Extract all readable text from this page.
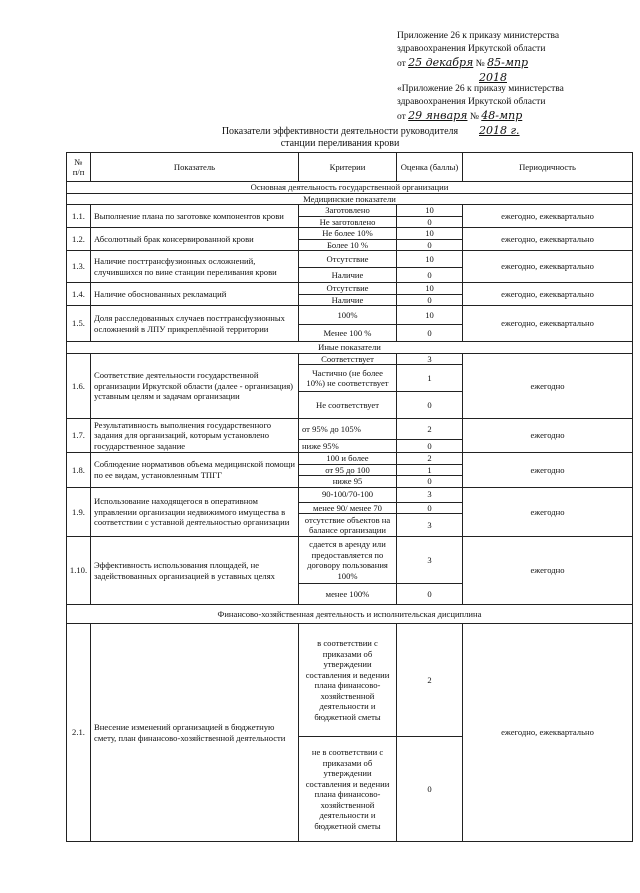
Приложение 26 к приказу министерства
здравоохранения Иркутской области
от 25 декабря № 85-мпр
2018
«Приложение 26 к приказу министерства
здравоохранения Иркутской области
от 29 января № 48-мпр
2018 г.
Показатели эффективности деятельности руководителя
станции переливания крови
№ п/п	Показатель	Критерии	Оценка (баллы)	Периодичность
Основная деятельность государственной организации				
Медицинские показатели				
1.1.	Выполнение плана по заготовке компонентов крови	Заготовлено	10	ежегодно, ежеквартально
		Не заготовлено	0	
1.2.	Абсолютный брак консервированной крови	Не более 10%	10	ежегодно, ежеквартально
		Более 10 %	0	
1.3.	Наличие посттрансфузионных осложнений, случившихся по вине станции переливания крови	Отсутствие	10	ежегодно, ежеквартально
		Наличие	0	
1.4.	Наличие обоснованных рекламаций	Отсутствие	10	ежегодно, ежеквартально
		Наличие	0	
1.5.	Доля расследованных случаев посттрансфузионных осложнений в ЛПУ прикреплённой территории	100%	10	ежегодно, ежеквартально
		Менее 100 %	0	
Иные показатели				
1.6.	Соответствие деятельности государственной организации Иркутской области (далее - организация) уставным целям и задачам организации	Соответствует	3	ежегодно
		Частично (не более 10%) не соответствует	1	
		Не соответствует	0	
1.7.	Результативность выполнения государственного задания для организаций, которым установлено государственное задание	от 95% до 105%	2	ежегодно
		ниже 95%	0	
1.8.	Соблюдение нормативов объема медицинской помощи по ее видам, установленным ТПГГ	100 и более	2	ежегодно
		от 95 до 100	1	
		ниже 95	0	
1.9.	Использование находящегося в оперативном управлении организации недвижимого имущества в соответствии с уставной деятельностью организации	90-100/70-100	3	ежегодно
		менее 90/ менее 70	0	
		отсутствие объектов на балансе организации	3	
1.10.	Эффективность использования площадей, не задействованных организацией в уставных целях	сдается в аренду или предоставляется по договору пользования 100%	3	ежегодно
		менее 100%	0	
Финансово-хозяйственная деятельность и исполнительская дисциплина				
2.1.	Внесение изменений организацией в бюджетную смету, план финансово-хозяйственной деятельности	в соответствии с приказами об утверждении составления и ведении плана финансово-хозяйственной деятельности и бюджетной сметы	2	ежегодно, ежеквартально
		не в соответствии с приказами об утверждении составления и ведении плана финансово-хозяйственной деятельности и бюджетной сметы	0	
